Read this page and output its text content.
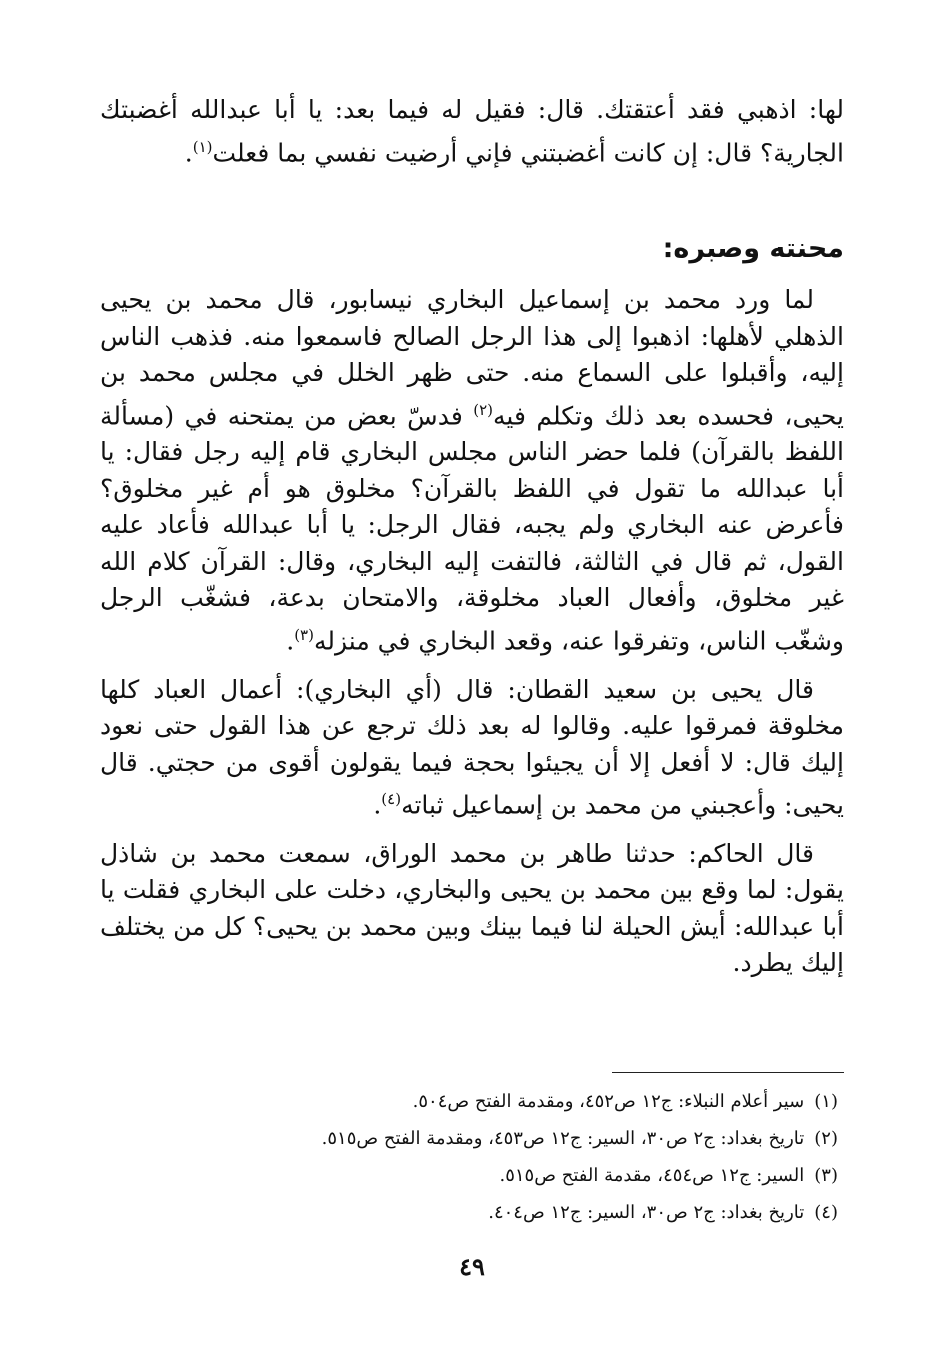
لها: اذهبي فقد أعتقتك. قال: فقيل له فيما بعد: يا أبا عبدالله أغضبتك الجارية؟ قال: إن كانت أغضبتني فإني أرضيت نفسي بما فعلت$^{(١)}$.
محنته وصبره:

لما ورد محمد بن إسماعيل البخاري نيسابور، قال محمد بن يحيى الذهلي لأهلها: اذهبوا إلى هذا الرجل الصالح فاسمعوا منه. فذهب الناس إليه، وأقبلوا على السماع منه. حتى ظهر الخلل في مجلس محمد بن يحيى، فحسده بعد ذلك وتكلم فيه$^{(٢)}$ فدسّ بعض من يمتحنه في (مسألة اللفظ بالقرآن) فلما حضر الناس مجلس البخاري قام إليه رجل فقال: يا أبا عبدالله ما تقول في اللفظ بالقرآن؟ مخلوق هو أم غير مخلوق؟ فأعرض عنه البخاري ولم يجبه، فقال الرجل: يا أبا عبدالله فأعاد عليه القول، ثم قال في الثالثة، فالتفت إليه البخاري، وقال: القرآن كلام الله غير مخلوق، وأفعال العباد مخلوقة، والامتحان بدعة، فشغّب الرجل وشغّب الناس، وتفرقوا عنه، وقعد البخاري في منزله$^{(٣)}$.

قال يحيى بن سعيد القطان: قال (أي البخاري): أعمال العباد كلها مخلوقة فمرقوا عليه. وقالوا له بعد ذلك ترجع عن هذا القول حتى نعود إليك قال: لا أفعل إلا أن يجيئوا بحجة فيما يقولون أقوى من حجتي. قال يحيى: وأعجبني من محمد بن إسماعيل ثباته$^{(٤)}$.

قال الحاكم: حدثنا طاهر بن محمد الوراق، سمعت محمد بن شاذل يقول: لما وقع بين محمد بن يحيى والبخاري، دخلت على البخاري فقلت يا أبا عبدالله: أيش الحيلة لنا فيما بينك وبين محمد بن يحيى؟ كل من يختلف إليك يطرد.

(١)سير أعلام النبلاء: ج١٢ ص٤٥٢، ومقدمة الفتح ص٥٠٤.

(٢)تاريخ بغداد: ج٢ ص٣٠، السير: ج١٢ ص٤٥٣، ومقدمة الفتح ص٥١٥.

(٣)السير: ج١٢ ص٤٥٤، مقدمة الفتح ص٥١٥.

(٤)تاريخ بغداد: ج٢ ص٣٠، السير: ج١٢ ص٤٠٤.

٤٩
